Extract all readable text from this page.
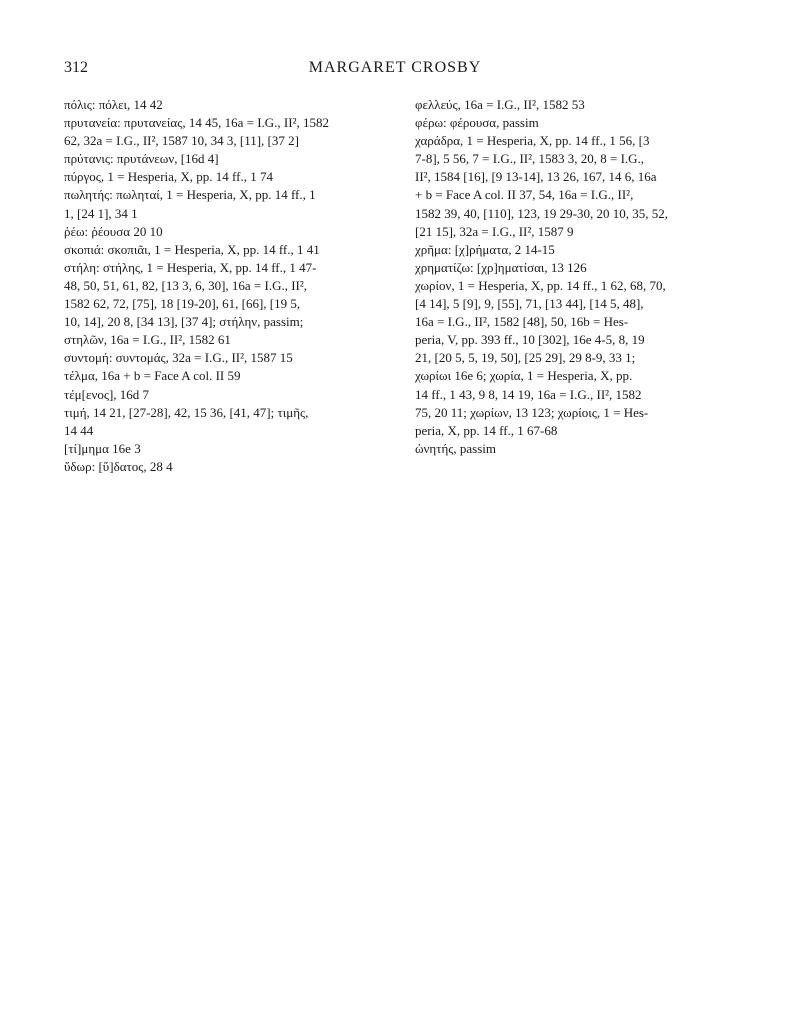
312	MARGARET CROSBY

πόλις: πόλει, 14 42

πρυτανεία: πρυτανείας, 14 45, 16a = I.G., II², 1582
62, 32a = I.G., II², 1587 10, 34 3, [11], [37 2]

πρύτανις: πρυτάνεων, [16d 4]

πύργος, 1 = Hesperia, X, pp. 14 ff., 1 74

πωλητής: πωληταί, 1 = Hesperia, X, pp. 14 ff., 1
1, [24 1], 34 1

ῥέω: ῥέουσα 20 10

σκοπιά: σκοπιᾶι, 1 = Hesperia, X, pp. 14 ff., 1 41

στήλη: στήλης, 1 = Hesperia, X, pp. 14 ff., 1 47-
48, 50, 51, 61, 82, [13 3, 6, 30], 16a = I.G., II²,
1582 62, 72, [75], 18 [19-20], 61, [66], [19 5,
10, 14], 20 8, [34 13], [37 4]; στήλην, passim;
στηλῶν, 16a = I.G., II², 1582 61

συντομή: συντομάς, 32a = I.G., II², 1587 15

τέλμα, 16a + b = Face A col. II 59

τέμ[ενος], 16d 7

τιμή, 14 21, [27-28], 42, 15 36, [41, 47]; τιμῆς,
14 44

[τί]μημα 16e 3

ὕδωρ: [ὕ]δατος, 28 4

φελλεύς, 16a = I.G., II², 1582 53

φέρω: φέρουσα, passim

χαράδρα, 1 = Hesperia, X, pp. 14 ff., 1 56, [3
7-8], 5 56, 7 = I.G., II², 1583 3, 20, 8 = I.G.,
II², 1584 [16], [9 13-14], 13 26, 167, 14 6, 16a
+ b = Face A col. II 37, 54, 16a = I.G., II²,
1582 39, 40, [110], 123, 19 29-30, 20 10, 35, 52,
[21 15], 32a = I.G., II², 1587 9

χρῆμα: [χ]ρήματα, 2 14-15

χρηματίζω: [χρ]ηματίσαι, 13 126

χωρίον, 1 = Hesperia, X, pp. 14 ff., 1 62, 68, 70,
[4 14], 5 [9], 9, [55], 71, [13 44], [14 5, 48],
16a = I.G., II², 1582 [48], 50, 16b = Hes-
peria, V, pp. 393 ff., 10 [302], 16e 4-5, 8, 19
21, [20 5, 5, 19, 50], [25 29], 29 8-9, 33 1;
χωρίωι 16e 6; χωρία, 1 = Hesperia, X, pp.
14 ff., 1 43, 9 8, 14 19, 16a = I.G., II², 1582
75, 20 11; χωρίων, 13 123; χωρίοις, 1 = Hes-
peria, X, pp. 14 ff., 1 67-68

ὠνητής, passim
